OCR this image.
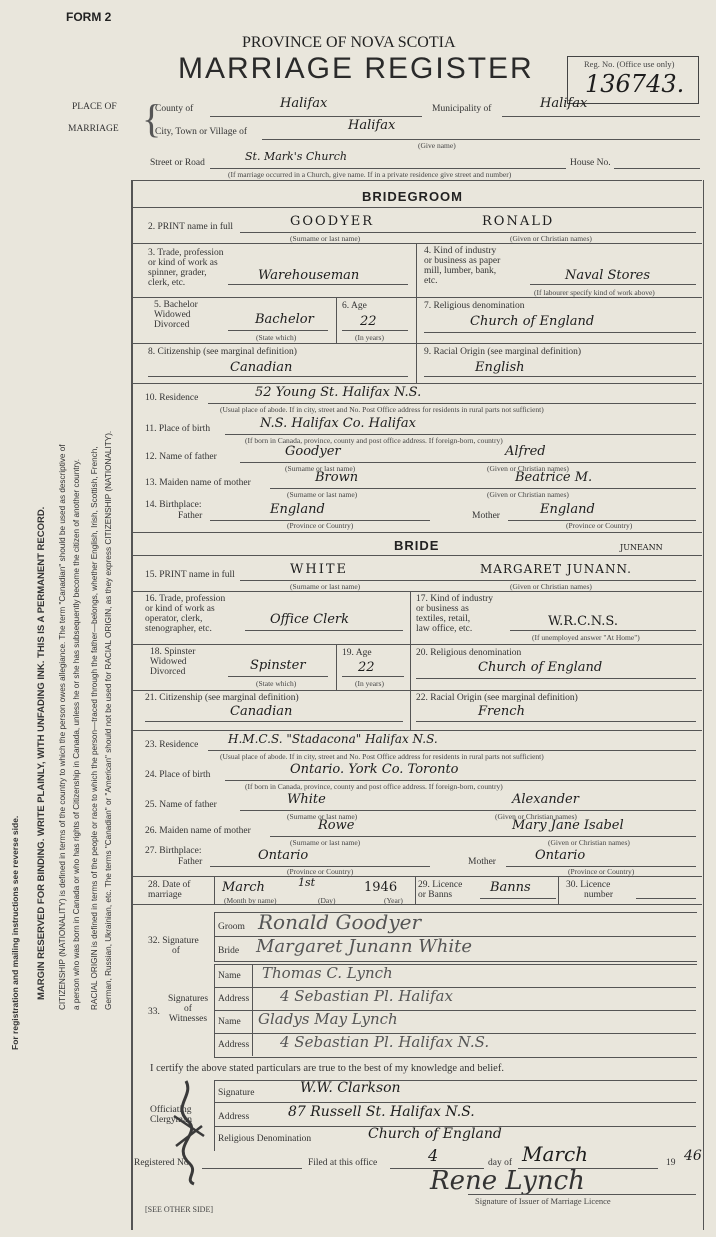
For registration and mailing instructions see reverse side. MARGIN RESERVED FOR BINDING. WRITE PLAINLY, WITH UNFADING INK. THIS IS A PERMANENT RECORD. CITIZENSHIP (NATIONALITY) is defined in terms of the country to which the person owes allegiance. The term "Canadian" should be used as descriptive of a person who was born in Canada or who has rights of Citizenship in Canada, unless he or she has subsequently become the citizen of another country. RACIAL ORIGIN is defined in terms of the people or race to which the person—traced through the father—belongs, whether English, Irish, Scottish, French, German, Russian, Ukrainian, etc. The terms "Canadian" or "American" should not be used for RACIAL ORIGIN, as they express CITIZENSHIP (NATIONALITY).
FORM 2
PROVINCE OF NOVA SCOTIA
MARRIAGE REGISTER	Reg. No. (Office use only)
136743.
PLACE OF
MARRIAGE {
County of	Halifax	Municipality of	Halifax
City, Town or Village of	Halifax
(Give name)
Street or Road	St. Mark's Church	House No.
(If marriage occurred in a Church, give name. If in a private residence give street and number)
BRIDEGROOM
2. PRINT name in full	GOODYER	RONALD
(Surname or last name)	(Given or Christian names)
3. Trade, profession
or kind of work as
spinner, grader,
clerk, etc.	Warehouseman
4. Kind of industry
or business as paper
mill, lumber, bank,
etc.	Naval Stores
(If labourer specify kind of work above)
5. Bachelor
Widowed
Divorced	Bachelor
(State which)
6. Age
22
(In years)
7. Religious denomination
Church of England
8. Citizenship (see marginal definition)
Canadian
9. Racial Origin (see marginal definition)
English
10. Residence	52 Young St. Halifax N.S.
(Usual place of abode. If in city, street and No. Post Office address for residents in rural parts not sufficient)
11. Place of birth	N.S. Halifax Co. Halifax
(If born in Canada, province, county and post office address. If foreign-born, country)
12. Name of father	Goodyer	Alfred
(Surname or last name)	(Given or Christian names)
13. Maiden name of mother	Brown	Beatrice M.
(Surname or last name)	(Given or Christian names)
14. Birthplace:
Father	England	Mother	England
(Province or Country)	(Province or Country)
BRIDE	JUNEANN
15. PRINT name in full	WHITE	MARGARET JUNANN.
(Surname or last name)	(Given or Christian names)
16. Trade, profession
or kind of work as
operator, clerk,
stenographer, etc.
Office Clerk
17. Kind of industry
or business as
textiles, retail,
law office, etc.	W.R.C.N.S.
(If unemployed answer "At Home")
18. Spinster
Widowed
Divorced	Spinster
(State which)
19. Age
22
(In years)
20. Religious denomination
Church of England
21. Citizenship (see marginal definition)
Canadian
22. Racial Origin (see marginal definition)
French
23. Residence H.M.C.S. "Stadacona" Halifax N.S.
(Usual place of abode. If in city, street and No. Post Office address for residents in rural parts not sufficient)
24. Place of birth	Ontario. York Co. Toronto
(If born in Canada, province, county and post office address. If foreign-born, country)
25. Name of father	White	Alexander
(Surname or last name)	(Given or Christian names)
26. Maiden name of mother	Rowe	Mary Jane Isabel
(Surname or last name)	(Given or Christian names)
27. Birthplace:
Father	Ontario	Mother	Ontario
(Province or Country)	(Province or Country)
28. Date of
marriage	March	1st	1946
(Month by name)	(Day)	(Year)
29. Licence
or Banns	Banns	30. Licence
number
32. Signature
of
Groom Ronald Goodyer
Bride Margaret Junann White
33.
Signatures
of
Witnesses
Name Thomas C. Lynch
Address 4 Sebastian Pl. Halifax
Name Gladys May Lynch
Address 4 Sebastian Pl. Halifax N.S.
I certify the above stated particulars are true to the best of my knowledge and belief.
Officiating
Clergyman
Signature	W.W. Clarkson
Address	87 Russell St. Halifax N.S.
Religious Denomination	Church of England
Registered No.	Filed at this office	4	day of March	19 46
Rene Lynch
Signature of Issuer of Marriage Licence
[SEE OTHER SIDE]
